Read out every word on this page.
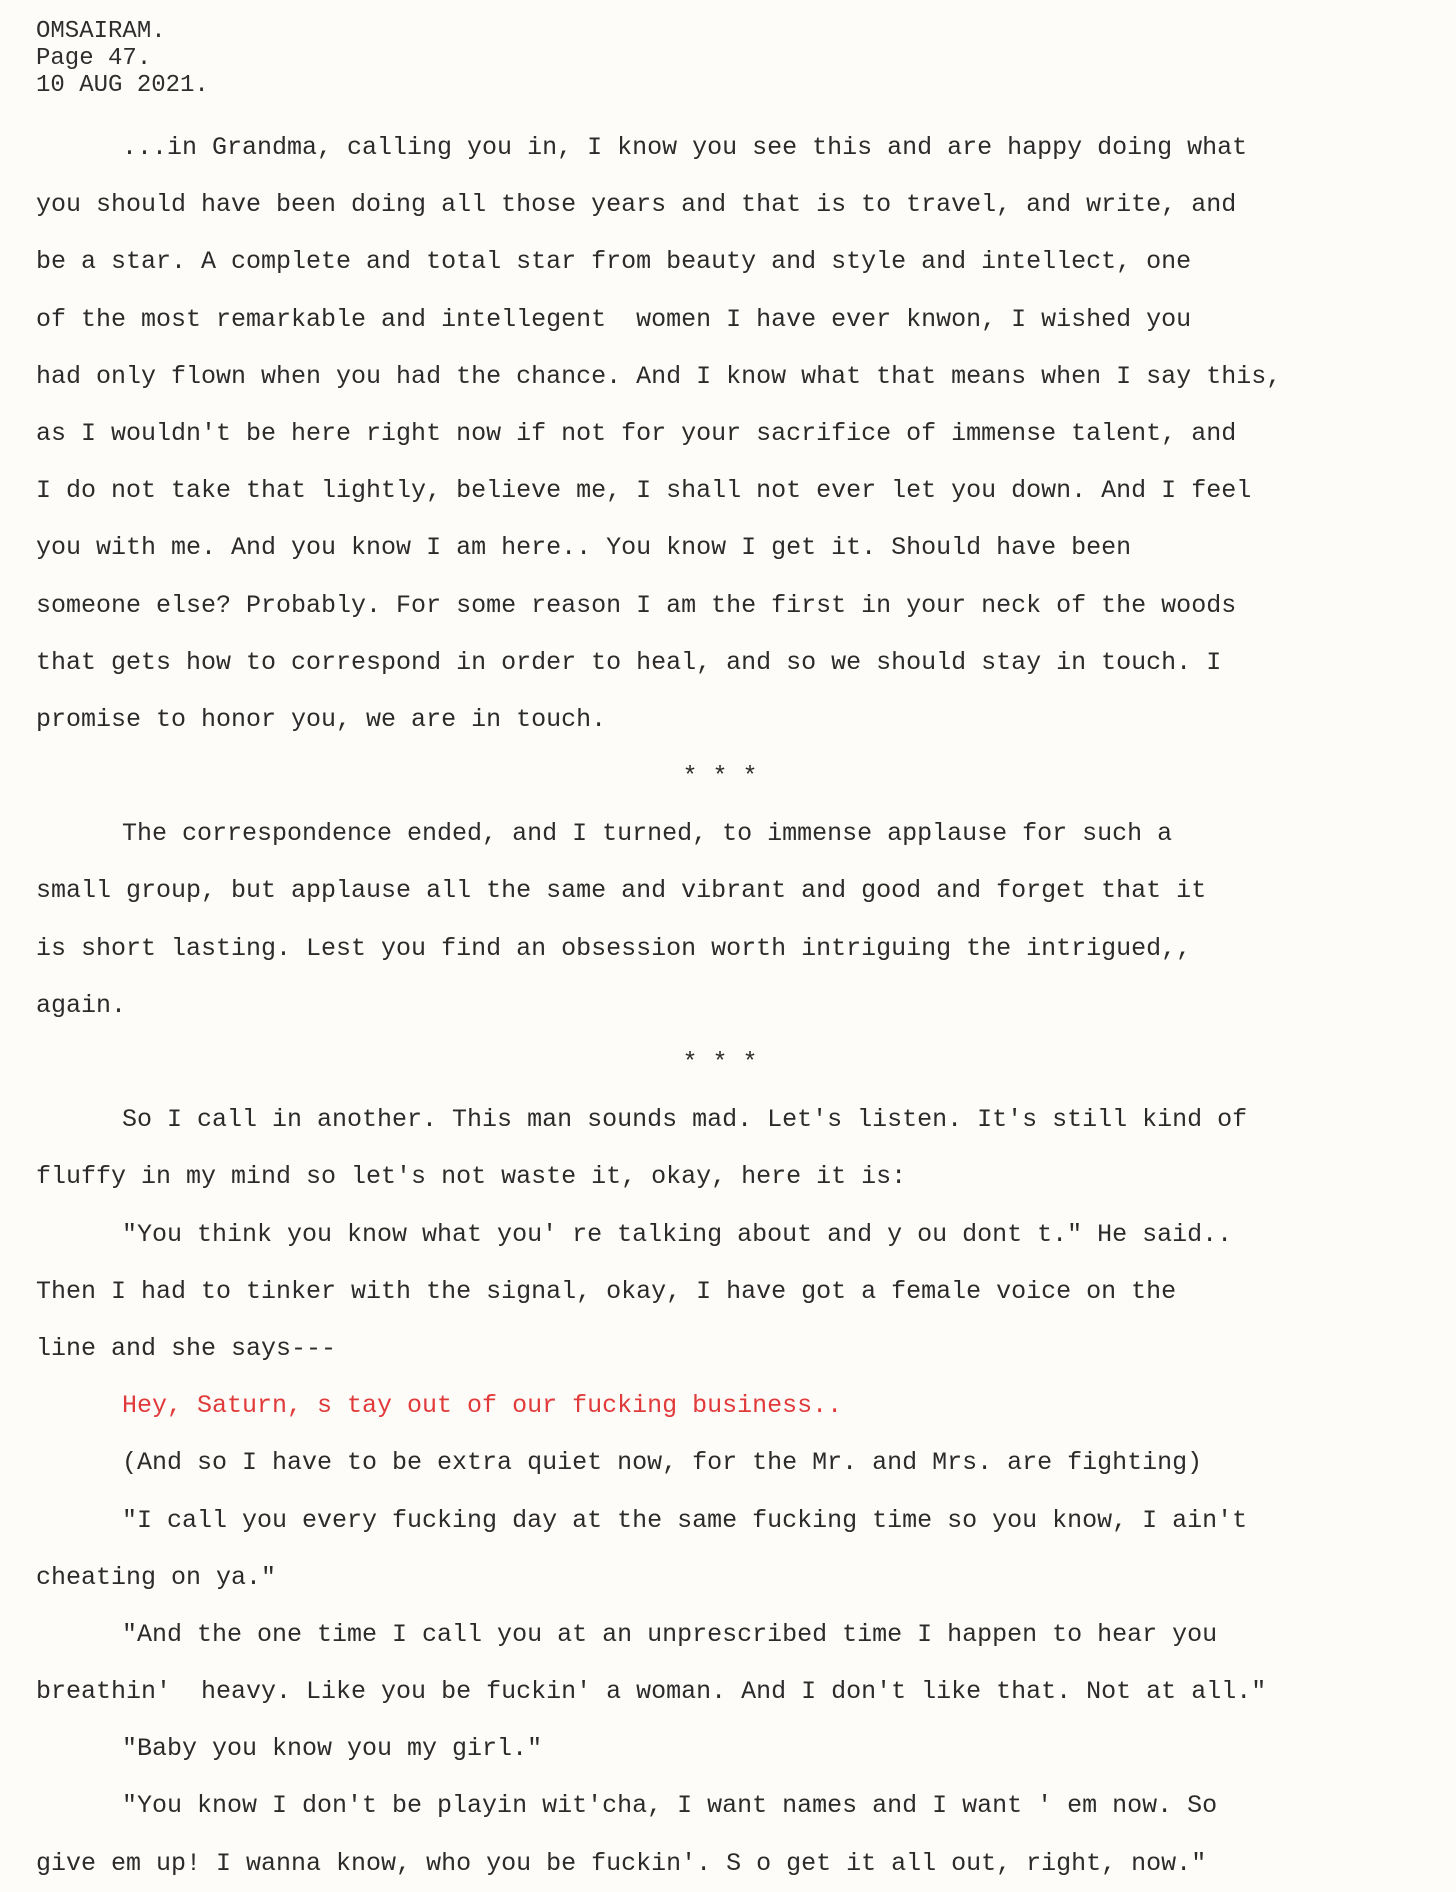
OMSAIRAM.
Page 47.
10 AUG 2021.
...in Grandma, calling you in, I know you see this and are happy doing what
you should have been doing all those years and that is to travel, and write, and
be a star. A complete and total star from beauty and style and intellect, one
of the most remarkable and intellegent  women I have ever knwon, I wished you
had only flown when you had the chance. And I know what that means when I say this,
as I wouldn't be here right now if not for your sacrifice of immense talent, and
I do not take that lightly, believe me, I shall not ever let you down. And I feel
you with me. And you know I am here.. You know I get it. Should have been
someone else? Probably. For some reason I am the first in your neck of the woods
that gets how to correspond in order to heal, and so we should stay in touch. I
promise to honor you, we are in touch.
* * *
The correspondence ended, and I turned, to immense applause for such a
small group, but applause all the same and vibrant and good and forget that it
is short lasting. Lest you find an obsession worth intriguing the intrigued,,
again.
* * *
So I call in another. This man sounds mad. Let's listen. It's still kind of
fluffy in my mind so let's not waste it, okay, here it is:
"You think you know what you' re talking about and y ou dont t." He said..
Then I had to tinker with the signal, okay, I have got a female voice on the
line and she says---
Hey, Saturn, s tay out of our fucking business..
(And so I have to be extra quiet now, for the Mr. and Mrs. are fighting)
"I call you every fucking day at the same fucking time so you know, I ain't
cheating on ya."
"And the one time I call you at an unprescribed time I happen to hear you
breathin'  heavy. Like you be fuckin' a woman. And I don't like that. Not at all."
"Baby you know you my girl."
"You know I don't be playin wit'cha, I want names and I want ' em now. So
give em up! I wanna know, who you be fuckin'. S o get it all out, right, now."
